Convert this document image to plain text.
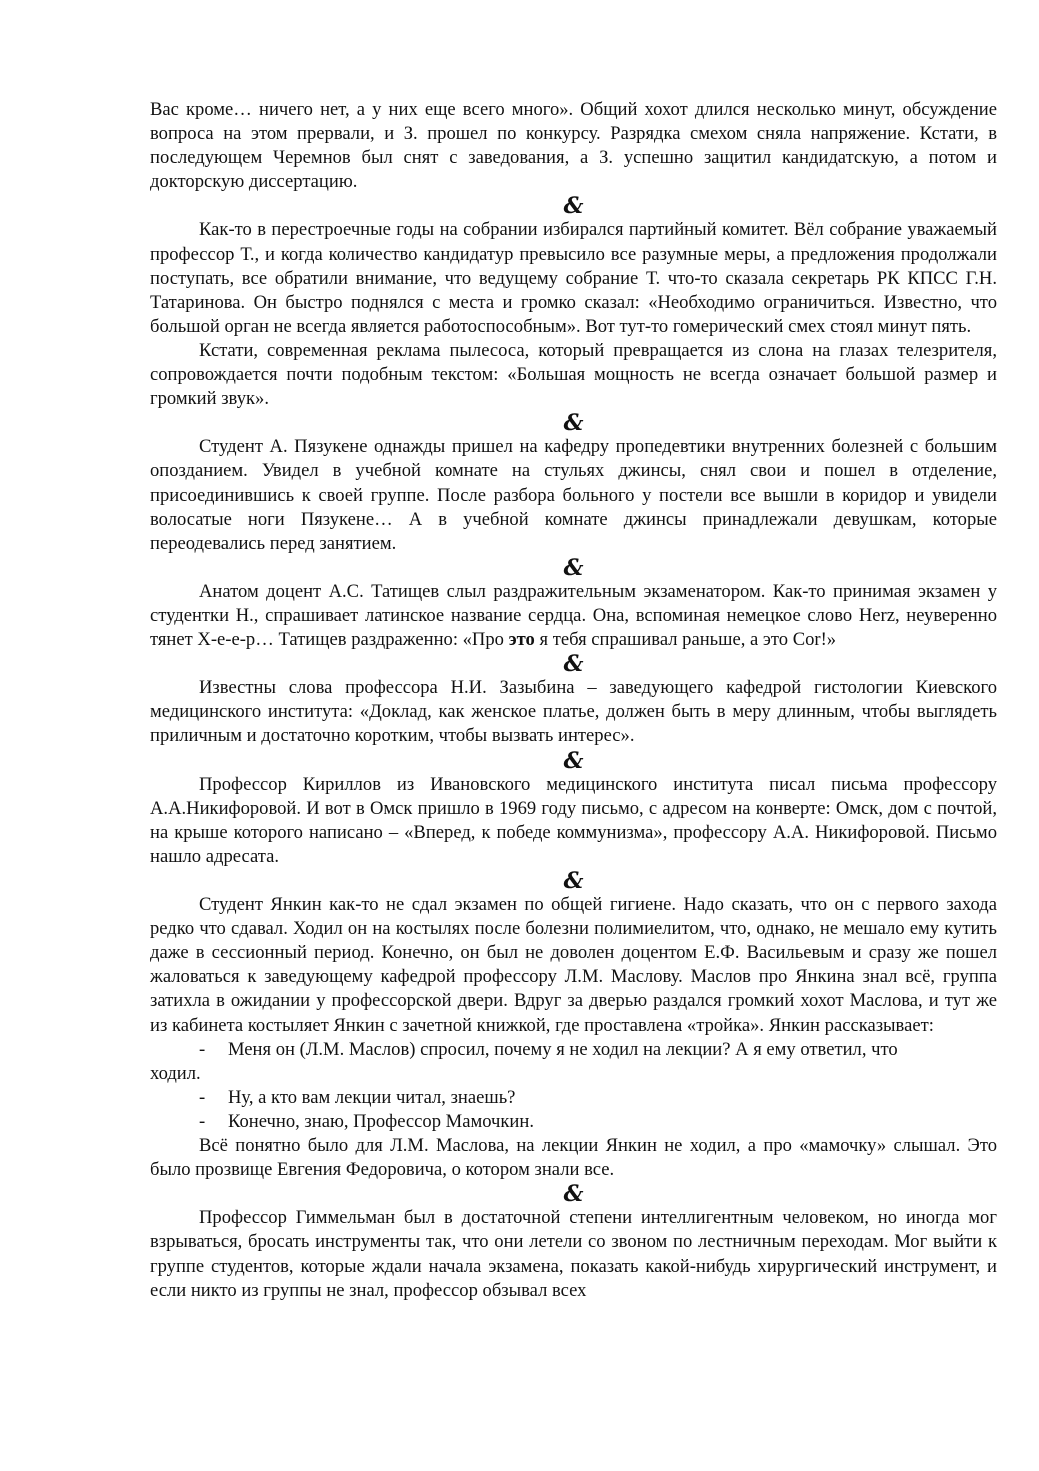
Вас кроме… ничего нет, а у них еще всего много». Общий хохот длился несколько минут, обсуждение вопроса на этом прервали, и З. прошел по конкурсу. Разрядка смехом сняла напряжение. Кстати, в последующем Черемнов был снят с заведования, а З. успешно защитил кандидатскую, а потом и докторскую диссертацию.

&

Как-то в перестроечные годы на собрании избирался партийный комитет. Вёл собрание уважаемый профессор Т., и когда количество кандидатур превысило все разумные меры, а предложения продолжали поступать, все обратили внимание, что ведущему собрание Т. что-то сказала секретарь РК КПСС Г.Н. Татаринова. Он быстро поднялся с места и громко сказал: «Необходимо ограничиться. Известно, что большой орган не всегда является работоспособным». Вот тут-то гомерический смех стоял минут пять.

Кстати, современная реклама пылесоса, который превращается из слона на глазах телезрителя, сопровождается почти подобным текстом: «Большая мощность не всегда означает большой размер и громкий звук».

&

Студент А. Пязукене однажды пришел на кафедру пропедевтики внутренних болезней с большим опозданием. Увидел в учебной комнате на стульях джинсы, снял свои и пошел в отделение, присоединившись к своей группе. После разбора больного у постели все вышли в коридор и увидели волосатые ноги Пязукене… А в учебной комнате джинсы принадлежали девушкам, которые переодевались перед занятием.

&

Анатом доцент А.С. Татищев слыл раздражительным экзаменатором. Как-то принимая экзамен у студентки Н., спрашивает латинское название сердца. Она, вспоминая немецкое слово Herz, неуверенно тянет Х-е-е-р… Татищев раздраженно: «Про это я тебя спрашивал раньше, а это Cor!»

&

Известны слова профессора Н.И. Зазыбина – заведующего кафедрой гистологии Киевского медицинского института: «Доклад, как женское платье, должен быть в меру длинным, чтобы выглядеть приличным и достаточно коротким, чтобы вызвать интерес».

&

Профессор Кириллов из Ивановского медицинского института писал письма профессору А.А.Никифоровой. И вот в Омск пришло в 1969 году письмо, с адресом на конверте: Омск, дом с почтой, на крыше которого написано – «Вперед, к победе коммунизма», профессору А.А. Никифоровой. Письмо нашло адресата.

&

Студент Янкин как-то не сдал экзамен по общей гигиене. Надо сказать, что он с первого захода редко что сдавал. Ходил он на костылях после болезни полимиелитом, что, однако, не мешало ему кутить даже в сессионный период. Конечно, он был не доволен доцентом Е.Ф. Васильевым и сразу же пошел жаловаться к заведующему кафедрой профессору Л.М. Маслову. Маслов про Янкина знал всё, группа затихла в ожидании у профессорской двери. Вдруг за дверью раздался громкий хохот Маслова, и тут же из кабинета костыляет Янкин с зачетной книжкой, где проставлена «тройка». Янкин рассказывает:

-	Меня он (Л.М. Маслов) спросил, почему я не ходил на лекции? А я ему ответил, что

ходил.

-	Ну, а кто вам лекции читал, знаешь?
-	Конечно, знаю, Профессор Мамочкин.

Всё понятно было для Л.М. Маслова, на лекции Янкин не ходил, а про «мамочку» слышал. Это было прозвище Евгения Федоровича, о котором знали все.

&

Профессор Гиммельман был в достаточной степени интеллигентным человеком, но иногда мог взрываться, бросать инструменты так, что они летели со звоном по лестничным переходам. Мог выйти к группе студентов, которые ждали начала экзамена, показать какой-нибудь хирургический инструмент, и если никто из группы не знал, профессор обзывал всех
